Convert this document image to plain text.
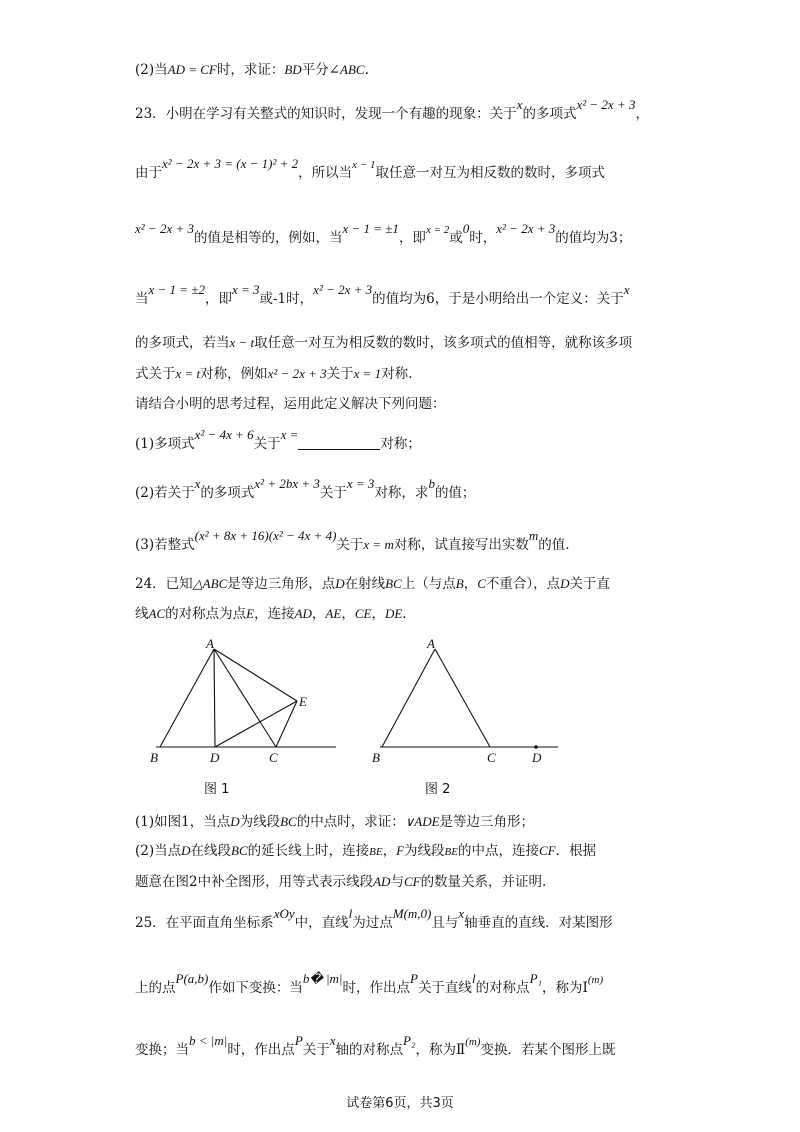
(2)当AD = CF时，求证：BD平分∠ABC.
23．小明在学习有关整式的知识时，发现一个有趣的现象：关于x的多项式x² − 2x + 3，
由于x² − 2x + 3 = (x − 1)² + 2，所以当$^{x - 1}$取任意一对互为相反数的数时，多项式
x² − 2x + 3的值是相等的，例如，当x − 1 = ±1，即$^{x = 2}$或0时，x² − 2x + 3的值均为3；
当x − 1 = ±2，即x = 3或-1时，x² − 2x + 3的值均为6，于是小明给出一个定义：关于x
的多项式，若当x − t取任意一对互为相反数的数时，该多项式的值相等，就称该多项
式关于x = t对称，例如x² − 2x + 3关于x = 1对称.
请结合小明的思考过程，运用此定义解决下列问题：
(1)多项式x² − 4x + 6关于x =对称；
(2)若关于x的多项式x² + 2bx + 3关于x = 3对称，求b的值；
(3)若整式(x² + 8x + 16)(x² − 4x + 4)关于x = m对称，试直接写出实数m的值.
24．已知△ABC是等边三角形，点D在射线BC上（与点B，C不重合），点D关于直
线AC的对称点为点E，连接AD，AE，CE，DE.
A
B	D	C
E
图 1
A
B	C	D
图 2
(1)如图1，当点D为线段BC的中点时，求证：∨ADE是等边三角形；
(2)当点D在线段BC的延长线上时，连接BE，F为线段BE的中点，连接CF．根据
题意在图2中补全图形，用等式表示线段AD与CF的数量关系，并证明.
25．在平面直角坐标系xOy中，直线l为过点M(m,0)且与x轴垂直的直线．对某图形
上的点P(a,b)作如下变换：当b� |m|时，作出点P关于直线l的对称点P₁，称为Ⅰ$^{(m)}$
变换；当b < |m|时，作出点P关于x轴的对称点P₂，称为Ⅱ$^{(m)}$变换．若某个图形上既
试卷第6页，共3页
